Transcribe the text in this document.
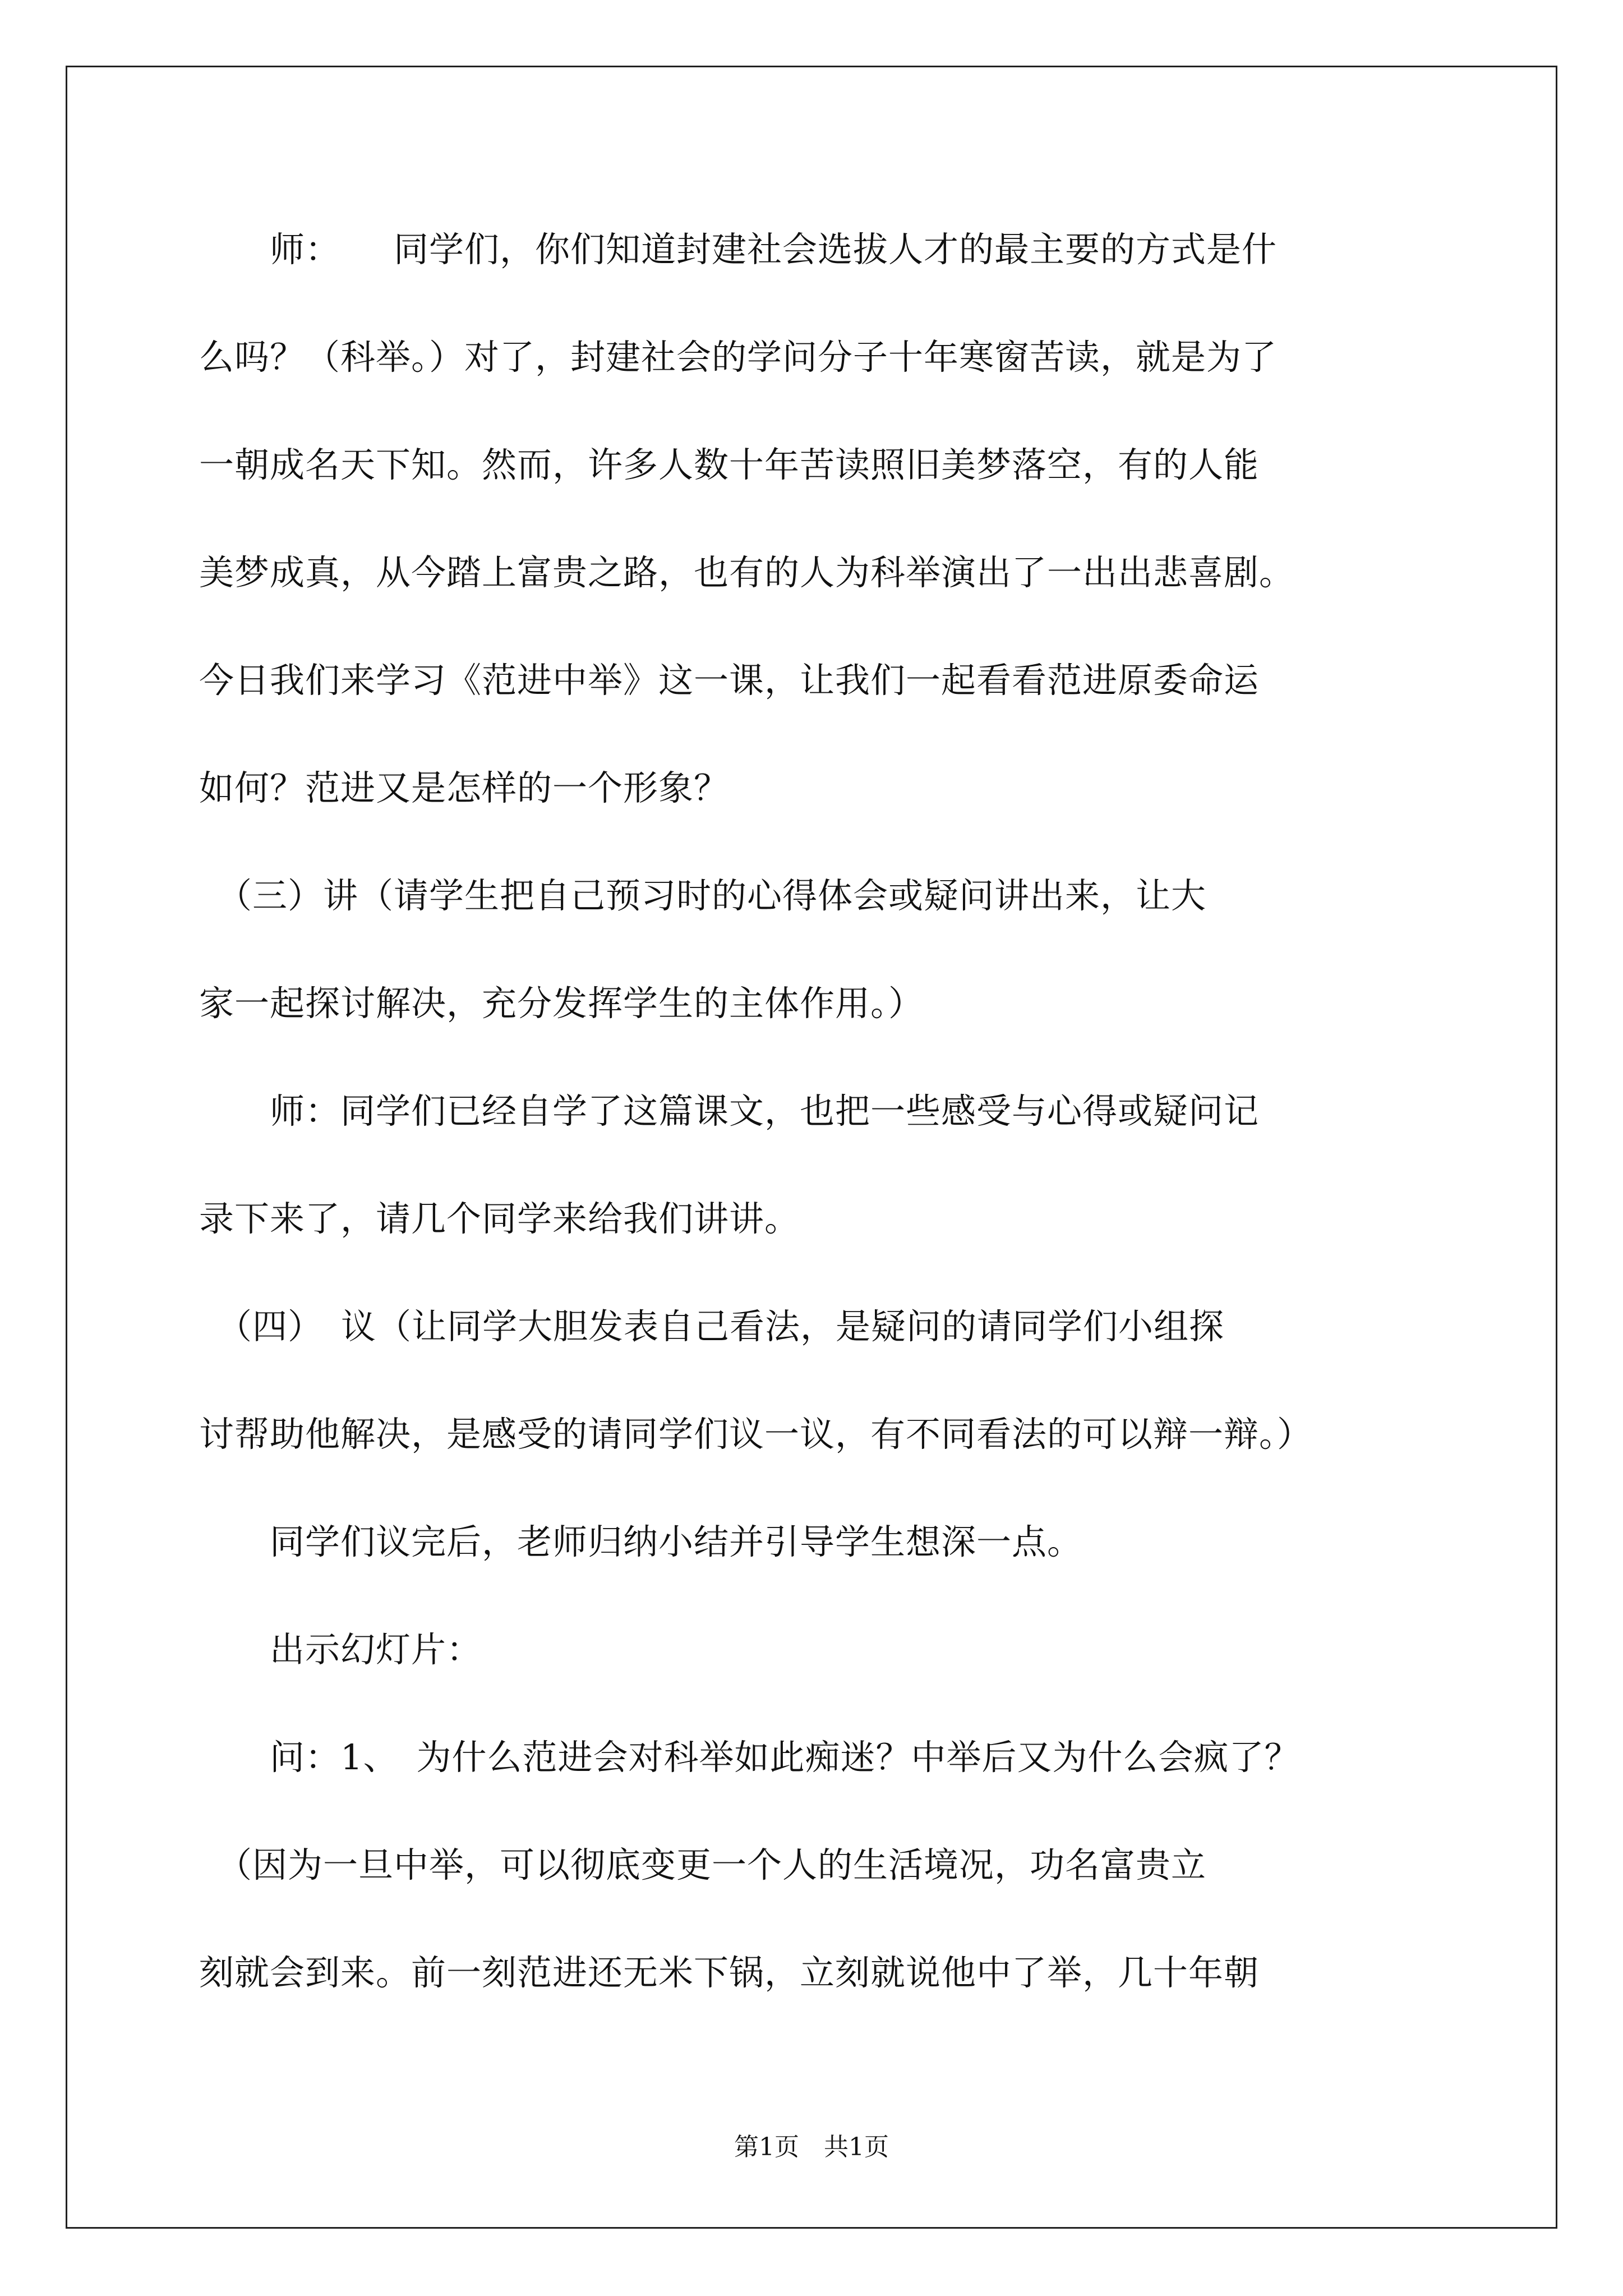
　　师：　　同学们，你们知道封建社会选拔人才的最主要的方式是什
么吗？（科举。）对了，封建社会的学问分子十年寒窗苦读，就是为了
一朝成名天下知。然而，许多人数十年苦读照旧美梦落空，有的人能
美梦成真，从今踏上富贵之路，也有的人为科举演出了一出出悲喜剧。
今日我们来学习《范进中举》这一课，让我们一起看看范进原委命运
如何？范进又是怎样的一个形象？
　（三）讲（请学生把自己预习时的心得体会或疑问讲出来，让大
家一起探讨解决，充分发挥学生的主体作用。）
　　师：同学们已经自学了这篇课文，也把一些感受与心得或疑问记
录下来了，请几个同学来给我们讲讲。
　（四）　议（让同学大胆发表自己看法，是疑问的请同学们小组探
讨帮助他解决，是感受的请同学们议一议，有不同看法的可以辩一辩。）
　　同学们议完后，老师归纳小结并引导学生想深一点。
　　出示幻灯片：
　　问：1、　为什么范进会对科举如此痴迷？中举后又为什么会疯了？
　（因为一旦中举，可以彻底变更一个人的生活境况，功名富贵立
刻就会到来。前一刻范进还无米下锅，立刻就说他中了举，几十年朝
第1页　共1页
